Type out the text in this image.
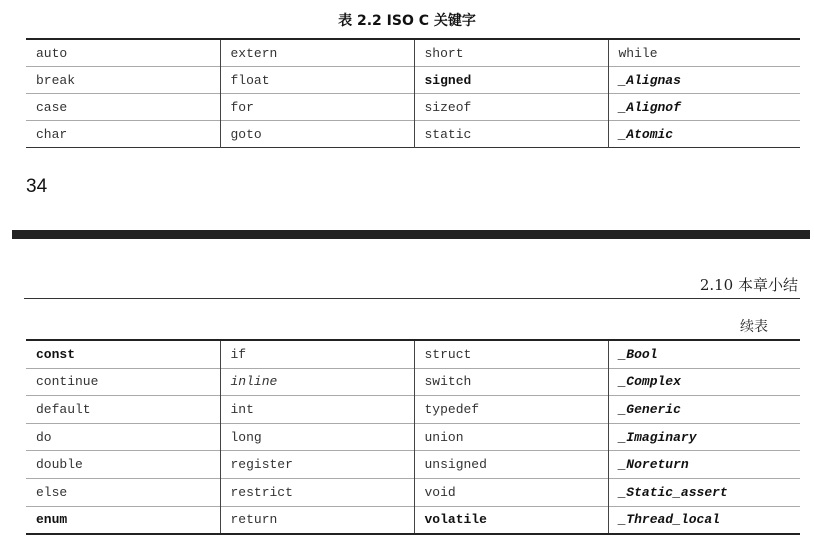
表 2.2 ISO C 关键字
auto	extern	short	while
break	float	signed	_Alignas
case	for	sizeof	_Alignof
char	goto	static	_Atomic
34
2.10 本章小结
续表
const	if	struct	_Bool
continue	inline	switch	_Complex
default	int	typedef	_Generic
do	long	union	_Imaginary
double	register	unsigned	_Noreturn
else	restrict	void	_Static_assert
enum	return	volatile	_Thread_local
